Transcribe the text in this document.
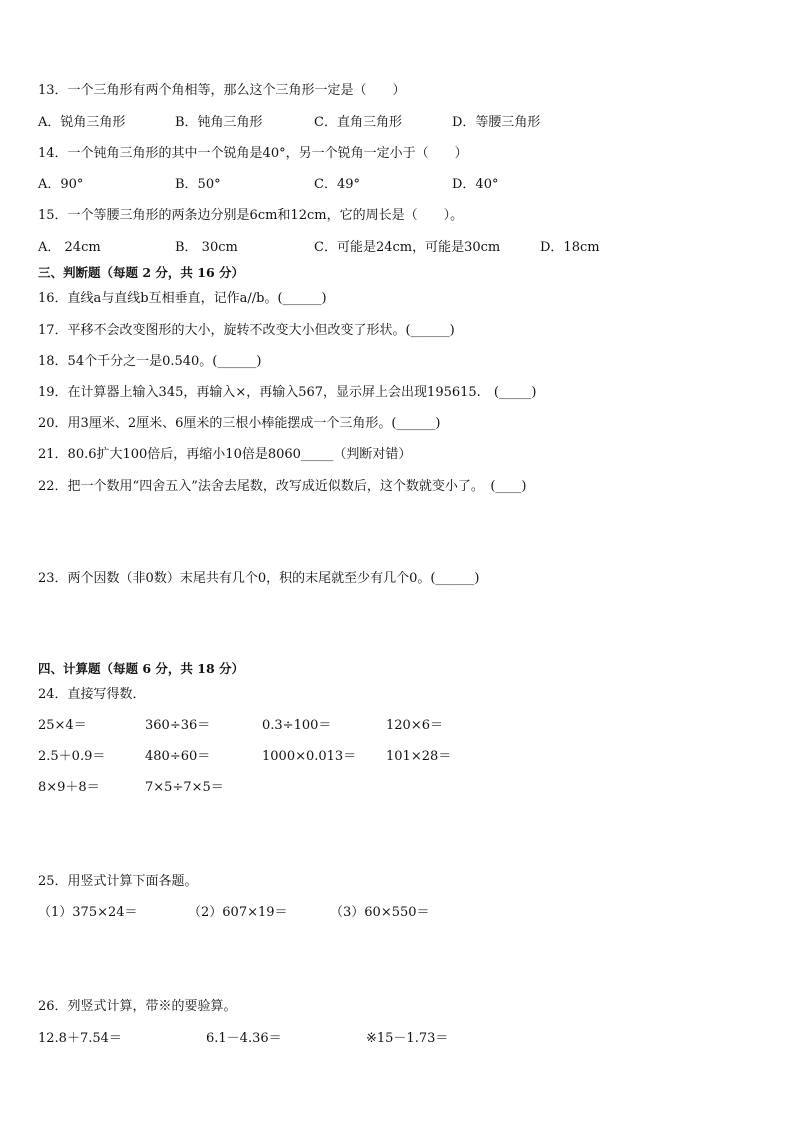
13．一个三角形有两个角相等，那么这个三角形一定是（　　）
A．锐角三角形	B．钝角三角形	C．直角三角形	D．等腰三角形
14．一个钝角三角形的其中一个锐角是40°，另一个锐角一定小于（　　）
A．90°	B．50°	C．49°	D．40°
15．一个等腰三角形的两条边分别是6cm和12cm，它的周长是（　　）。
A． 24cm	B． 30cm	C．可能是24cm，可能是30cm	D．18cm
三、判断题（每题 2 分，共 16 分）
16．直线a与直线b互相垂直，记作a//b。(______)
17．平移不会改变图形的大小，旋转不改变大小但改变了形状。(______)
18．54个千分之一是0.540。(______)
19．在计算器上输入345，再输入×，再输入567，显示屏上会出现195615.　(_____)
20．用3厘米、2厘米、6厘米的三根小棒能摆成一个三角形。(______)
21．80.6扩大100倍后，再缩小10倍是8060_____（判断对错）
22．把一个数用“四舍五入”法舍去尾数，改写成近似数后，这个数就变小了。　(____)
23．两个因数（非0数）末尾共有几个0，积的末尾就至少有几个0。(______)
四、计算题（每题 6 分，共 18 分）
24．直接写得数．
25×4＝	360÷36＝	0.3÷100＝	120×6＝
2.5＋0.9＝	480÷60＝	1000×0.013＝ 101×28＝
8×9＋8＝	7×5÷7×5＝
25．用竖式计算下面各题。
（1）375×24＝	（2）607×19＝	（3）60×550＝
26．列竖式计算，带※的要验算。
12.8＋7.54＝	6.1－4.36＝	※15－1.73＝
